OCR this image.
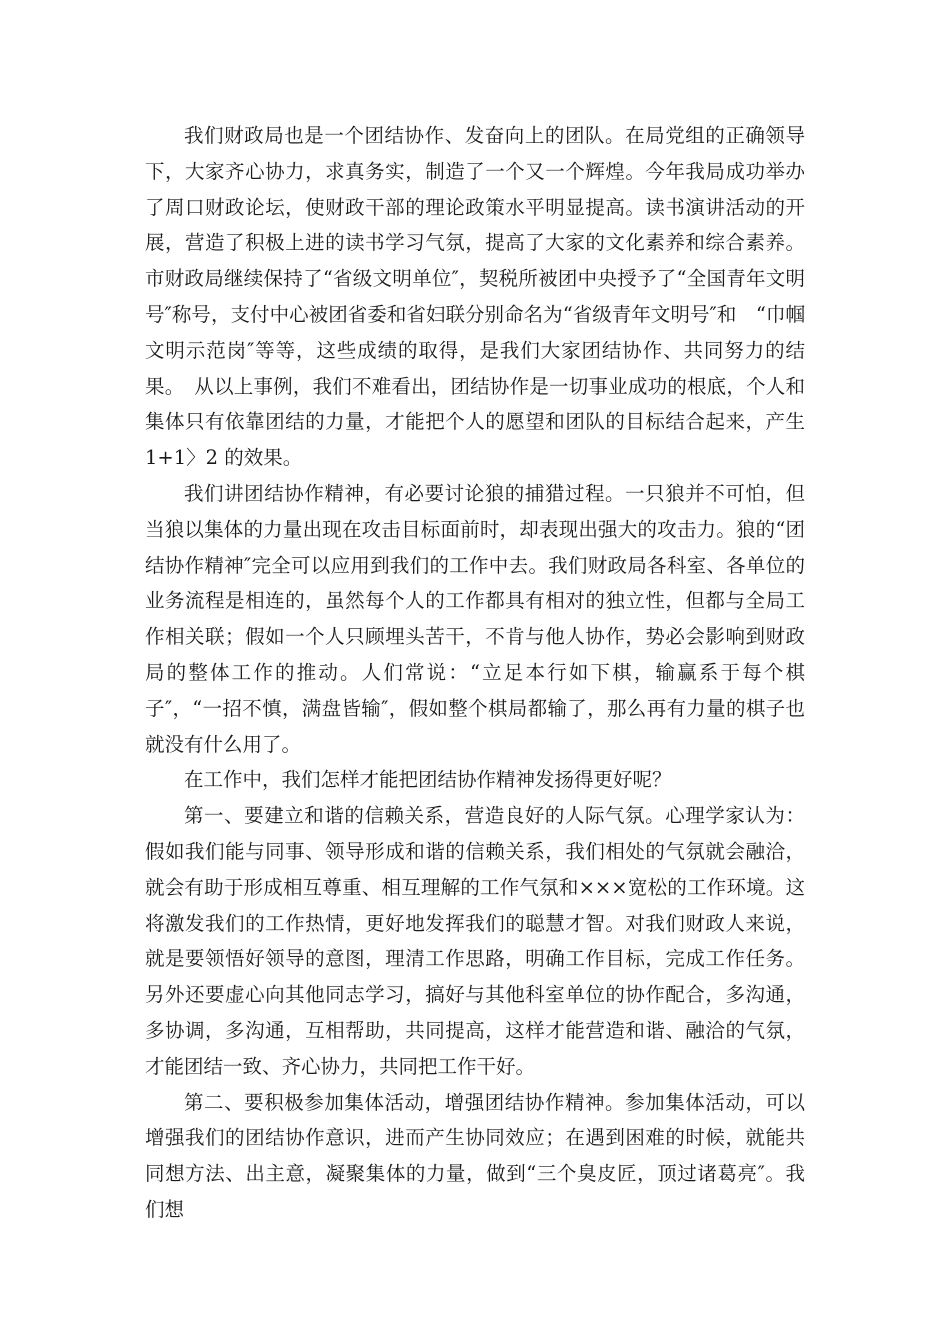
我们财政局也是一个团结协作、发奋向上的团队。在局党组的正确领导下，大家齐心协力，求真务实，制造了一个又一个辉煌。今年我局成功举办了周口财政论坛，使财政干部的理论政策水平明显提高。读书演讲活动的开展，营造了积极上进的读书学习气氛，提高了大家的文化素养和综合素养。市财政局继续保持了“省级文明单位″，契税所被团中央授予了“全国青年文明号″称号，支付中心被团省委和省妇联分别命名为“省级青年文明号″和　“巾帼文明示范岗″等等，这些成绩的取得，是我们大家团结协作、共同努力的结果。　从以上事例，我们不难看出，团结协作是一切事业成功的根底，个人和集体只有依靠团结的力量，才能把个人的愿望和团队的目标结合起来，产生 1+1〉2 的效果。

我们讲团结协作精神，有必要讨论狼的捕猎过程。一只狼并不可怕，但当狼以集体的力量出现在攻击目标面前时，却表现出强大的攻击力。狼的“团结协作精神″完全可以应用到我们的工作中去。我们财政局各科室、各单位的业务流程是相连的，虽然每个人的工作都具有相对的独立性，但都与全局工作相关联；假如一个人只顾埋头苦干，不肯与他人协作，势必会影响到财政局的整体工作的推动。人们常说：“立足本行如下棋，输赢系于每个棋子″，“一招不慎，满盘皆输″，假如整个棋局都输了，那么再有力量的棋子也就没有什么用了。

在工作中，我们怎样才能把团结协作精神发扬得更好呢？

第一、要建立和谐的信赖关系，营造良好的人际气氛。心理学家认为：假如我们能与同事、领导形成和谐的信赖关系，我们相处的气氛就会融洽，就会有助于形成相互尊重、相互理解的工作气氛和×××宽松的工作环境。这将激发我们的工作热情，更好地发挥我们的聪慧才智。对我们财政人来说，就是要领悟好领导的意图，理清工作思路，明确工作目标，完成工作任务。另外还要虚心向其他同志学习，搞好与其他科室单位的协作配合，多沟通，多协调，多沟通，互相帮助，共同提高，这样才能营造和谐、融洽的气氛，才能团结一致、齐心协力，共同把工作干好。

第二、要积极参加集体活动，增强团结协作精神。参加集体活动，可以增强我们的团结协作意识，进而产生协同效应；在遇到困难的时候，就能共同想方法、出主意，凝聚集体的力量，做到“三个臭皮匠，顶过诸葛亮″。我们想
